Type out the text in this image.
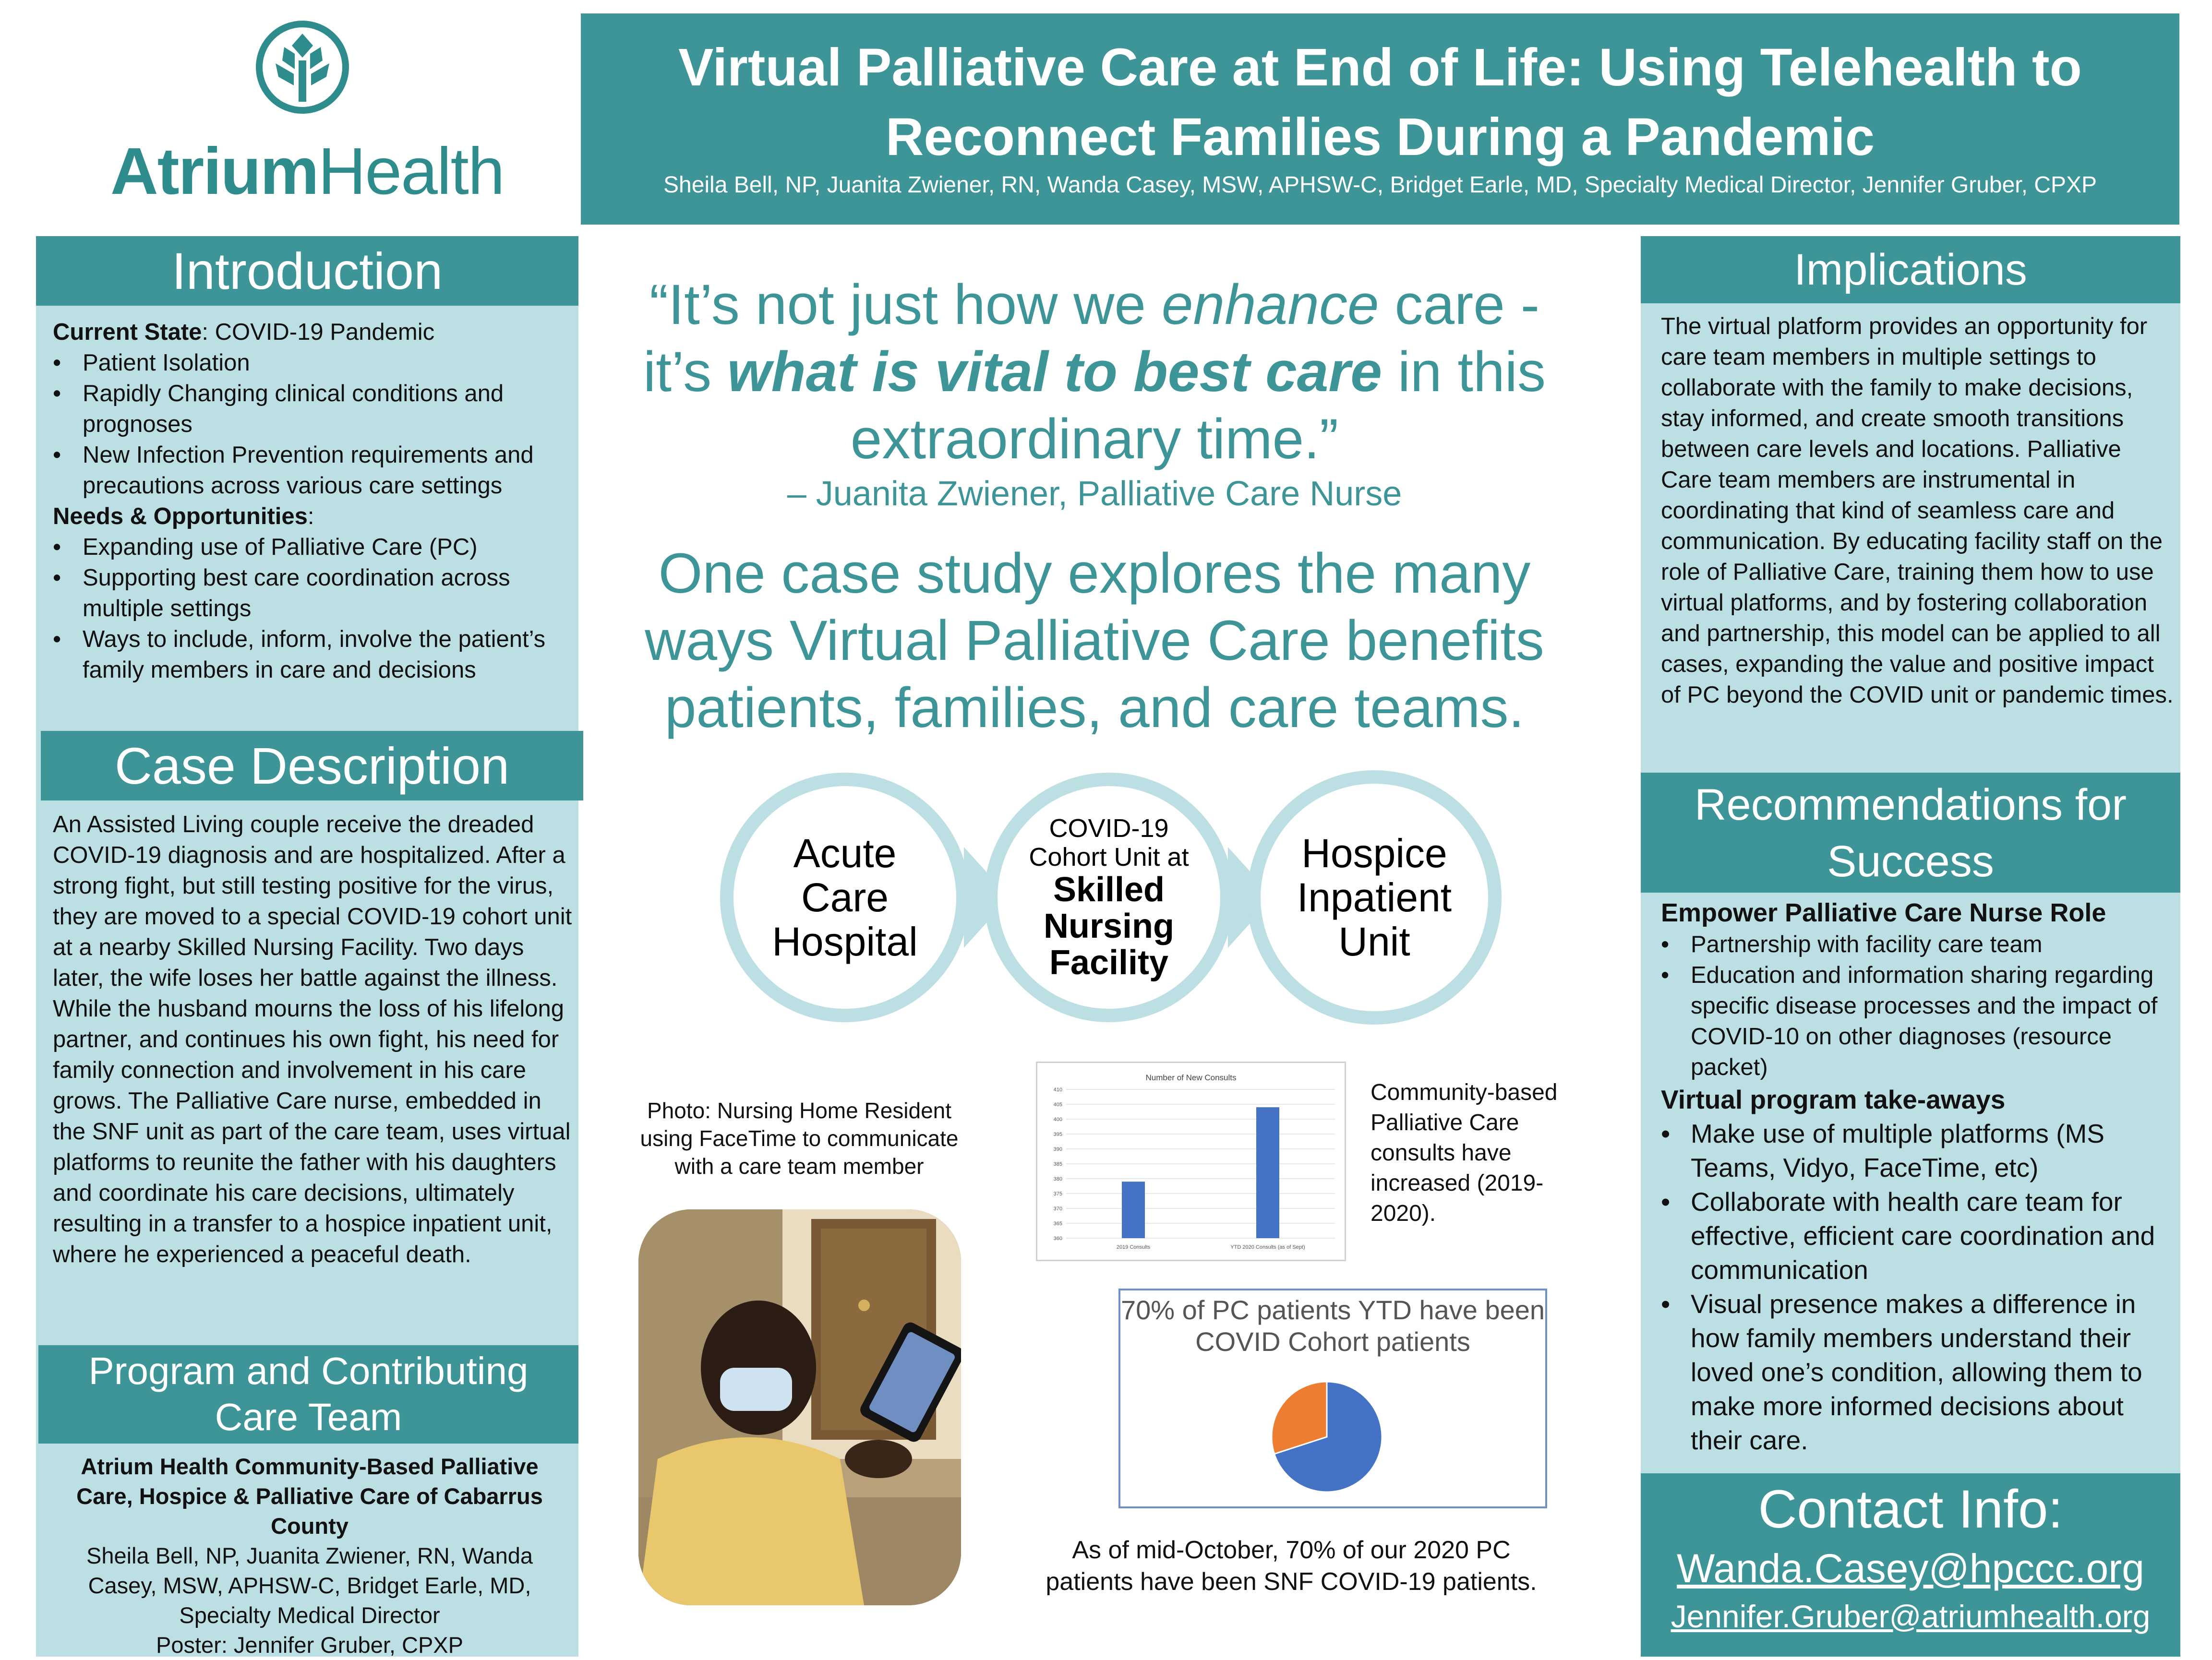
AtriumHealth
Virtual Palliative Care at End of Life: Using Telehealth to
Reconnect Families During a Pandemic
Sheila Bell, NP, Juanita Zwiener, RN, Wanda Casey, MSW, APHSW-C, Bridget Earle, MD, Specialty Medical Director, Jennifer Gruber, CPXP
Introduction

Current State: COVID-19 Pandemic

• Patient Isolation
• Rapidly Changing clinical conditions and prognoses
• New Infection Prevention requirements and precautions across various care settings

Needs & Opportunities:

• Expanding use of Palliative Care (PC)
• Supporting best care coordination across multiple settings
• Ways to include, inform, involve the patient’s family members in care and decisions
Case Description
An Assisted Living couple receive the dreaded COVID-19 diagnosis and are hospitalized. After a strong fight, but still testing positive for the virus, they are moved to a special COVID-19 cohort unit at a nearby Skilled Nursing Facility. Two days later, the wife loses her battle against the illness. While the husband mourns the loss of his lifelong partner, and continues his own fight, his need for family connection and involvement in his care grows. The Palliative Care nurse, embedded in the SNF unit as part of the care team, uses virtual platforms to reunite the father with his daughters and coordinate his care decisions, ultimately resulting in a transfer to a hospice inpatient unit, where he experienced a peaceful death.
Program and Contributing
Care Team
Atrium Health Community-Based Palliative Care, Hospice & Palliative Care of Cabarrus County
Sheila Bell, NP, Juanita Zwiener, RN, Wanda Casey, MSW, APHSW-C, Bridget Earle, MD, Specialty Medical Director
Poster: Jennifer Gruber, CPXP
“It’s not just how we enhance care -
it’s what is vital to best care in this extraordinary time.”
– Juanita Zwiener, Palliative Care Nurse
One case study explores the many ways Virtual Palliative Care benefits patients, families, and care teams.
Acute
Care
Hospital
COVID-19
Cohort Unit at
Skilled
Nursing
Facility
Hospice
Inpatient
Unit
Photo: Nursing Home Resident using FaceTime to communicate with a care team member
Number of New Consults
360
365
370
375
380
385
390
395
400
405
410
2019 Consults	YTD 2020 Consults (as of Sept)
Community-based Palliative Care consults have increased (2019-2020).
70% of PC patients YTD have been COVID Cohort patients
As of mid-October, 70% of our 2020 PC patients have been SNF COVID-19 patients.
Implications
The virtual platform provides an opportunity for care team members in multiple settings to collaborate with the family to make decisions, stay informed, and create smooth transitions between care levels and locations. Palliative Care team members are instrumental in coordinating that kind of seamless care and communication. By educating facility staff on the role of Palliative Care, training them how to use virtual platforms, and by fostering collaboration and partnership, this model can be applied to all cases, expanding the value and positive impact of PC beyond the COVID unit or pandemic times.
Recommendations for
Success

Empower Palliative Care Nurse Role

• Partnership with facility care team
• Education and information sharing regarding specific disease processes and the impact of COVID-10 on other diagnoses (resource packet)

Virtual program take-aways

• Make use of multiple platforms (MS Teams, Vidyo, FaceTime, etc)
• Collaborate with health care team for effective, efficient care coordination and communication
• Visual presence makes a difference in how family members understand their loved one’s condition, allowing them to make more informed decisions about their care.
Contact Info:
Wanda.Casey@hpccc.org
Jennifer.Gruber@atriumhealth.org
